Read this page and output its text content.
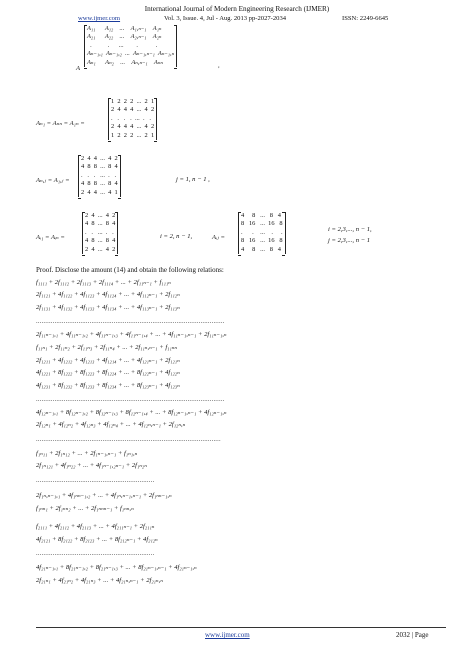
International Journal of Modern Engineering Research (IJMER)
www.ijmer.com	Vol. 3, Issue. 4, Jul - Aug. 2013 pp-2027-2034	ISSN: 2249-6645
A
A₁₁      A₁₂    ...    A₁,ₙ₋₁    A₁ₙ
A₂₁      A₂₂    ...    A₂,ₙ₋₁    A₂ₙ
.          .      ...        .           .
Aₙ₋₁,₁  Aₙ₋₁,₂  ...  Aₙ₋₁,ₙ₋₁  Aₙ₋₁,ₙ
Aₙ₁      Aₙ₂    ...    Aₙ,ₙ₋₁    Aₙₙ	,
Aₙ₁ = Aₙₙ = A₁ₙ =
1  2  2  2  ...  2  1
2  4  4  4  ...  4  2
.   .   .   .  ...  .   .
2  4  4  4  ...  4  2
1  2  2  2  ...  2  1
Aₙ,ⱼ = A₁,ⱼ =
2  4  4  ...  4  2
4  8  8  ...  8  4
.   .   .   ...  .   .
4  8  8  ...  8  4
2  4  4  ...  4  1
j = 1, n − 1 ,
Aᵢ₁ = Aᵢₙ =
2  4  ...  4  2
4  8  ...  8  4
.   .   ...  .   .
4  8  ...  8  4
2  4  ...  4  2
i = 2, n − 1,	Aᵢⱼ =
4     8   ...   8   4
8   16   ...  16   8
.      .    ...    .     .
8   16   ...  16   8
4     8   ...   8   4
i = 2,3,..., n − 1,
j = 2,3,..., n − 1
Proof. Disclose the amount (14) and obtain the following relations:
f₁₁₁₁ + 2f₁₁₁₂ + 2f₁₁₁₃ + 2f₁₁₁₄ + ... + 2f₁₁ₙ₋₁ + f₁₁₁ₙ
2f₁₁₂₁ + 4f₁₁₂₂ + 4f₁₁₂₃ + 4f₁₁₂₄ + ... + 4f₁₁₂ₙ₋₁ + 2f₁₁₂ₙ
2f₁₁₃₁ + 4f₁₁₃₂ + 4f₁₁₃₃ + 4f₁₁₃₄ + ... + 4f₁₁₃ₙ₋₁ + 2f₁₁₃ₙ
......................................................................................................
2f₁₁ₙ₋₁,₁ + 4f₁₁ₙ₋₁,₂ + 4f₁₁ₙ₋₁,₃ + 4f₁₁ₙ₋₁,₄ + ... + 4f₁₁ₙ₋₁,ₙ₋₁ + 2f₁₁ₙ₋₁,ₙ
f₁₁ₙ₁ + 2f₁₁ₙ₂ + 2f₁₁ₙ₃ + 2f₁₁ₙ₄ + ... + 2f₁₁ₙ,ₙ₋₁ + f₁₁ₙₙ
2f₁₂₁₁ + 4f₁₂₁₂ + 4f₁₂₁₃ + 4f₁₂₁₄ + ... + 4f₁₂₁ₙ₋₁ + 2f₁₂₁ₙ
4f₁₂₂₁ + 8f₁₂₂₂ + 8f₁₂₂₃ + 8f₁₂₂₄ + ... + 8f₁₂₂ₙ₋₁ + 4f₁₂₂ₙ
4f₁₂₃₁ + 8f₁₂₃₂ + 8f₁₂₃₃ + 8f₁₂₃₄ + ... + 8f₁₂₃ₙ₋₁ + 4f₁₂₃ₙ
......................................................................................................
4f₁₂ₙ₋₁,₁ + 8f₁₂ₙ₋₁,₂ + 8f₁₂ₙ₋₁,₃ + 8f₁₂ₙ₋₁,₄ + ... + 8f₁₂ₙ₋₁,ₙ₋₁ + 4f₁₂ₙ₋₁,ₙ
2f₁₂ₙ₁ + 4f₁₂ₙ₂ + 4f₁₂ₙ₃ + 4f₁₂ₙ₄ + ... + 4f₁₂ₙ,ₙ₋₁ + 2f₁₂ₙ,ₙ
....................................................................................................
f₁ₙ₁₁ + 2f₁ₙ₁₂ + ... + 2f₁ₙ₋₁,ₙ₋₁ + f₁ₙ₁,ₙ
2f₁ₙ₁₂₁ + 4f₁ₙ₂₂ + ... + 4f₁ₙ₋₁,₂ₙ₋₁ + 2f₁ₙ₂ₙ
................................................................
2f₁ₙ,ₙ₋₁,₁ + 4f₁ₙₙ₋₁,₂ + ... + 4f₁ₙ,ₙ₋₁,ₙ₋₁ + 2f₁ₙₙ₋₁,ₙ
f₁ₙₙ₁ + 2f₁ₙₙ₂ + ... + 2f₁ₙₙₙ₋₁ + f₁ₙₙ,ₙ
f₂₁₁₁ + 4f₂₁₁₂ + 4f₂₁₁₃ + ... + 4f₂₁₁ₙ₋₁ + 2f₂₁₁ₙ
4f₂₁₂₁ + 8f₂₁₂₂ + 8f₂₁₂₃ + ... + 8f₂₁₂ₙ₋₁ + 4f₂₁₂ₙ
................................................................
4f₂₁ₙ₋₁,₁ + 8f₂₁ₙ₋₁,₂ + 8f₂₁ₙ₋₁,₃ + ... + 8f₂₁ₙ₋₁,ₙ₋₁ + 4f₂₁ₙ₋₁,ₙ
2f₂₁ₙ₁ + 4f₂₁ₙ₂ + 4f₂₁ₙ₃ + ... + 4f₂₁ₙ,ₙ₋₁ + 2f₂₁ₙ,ₙ
www.ijmer.com	2032 | Page
